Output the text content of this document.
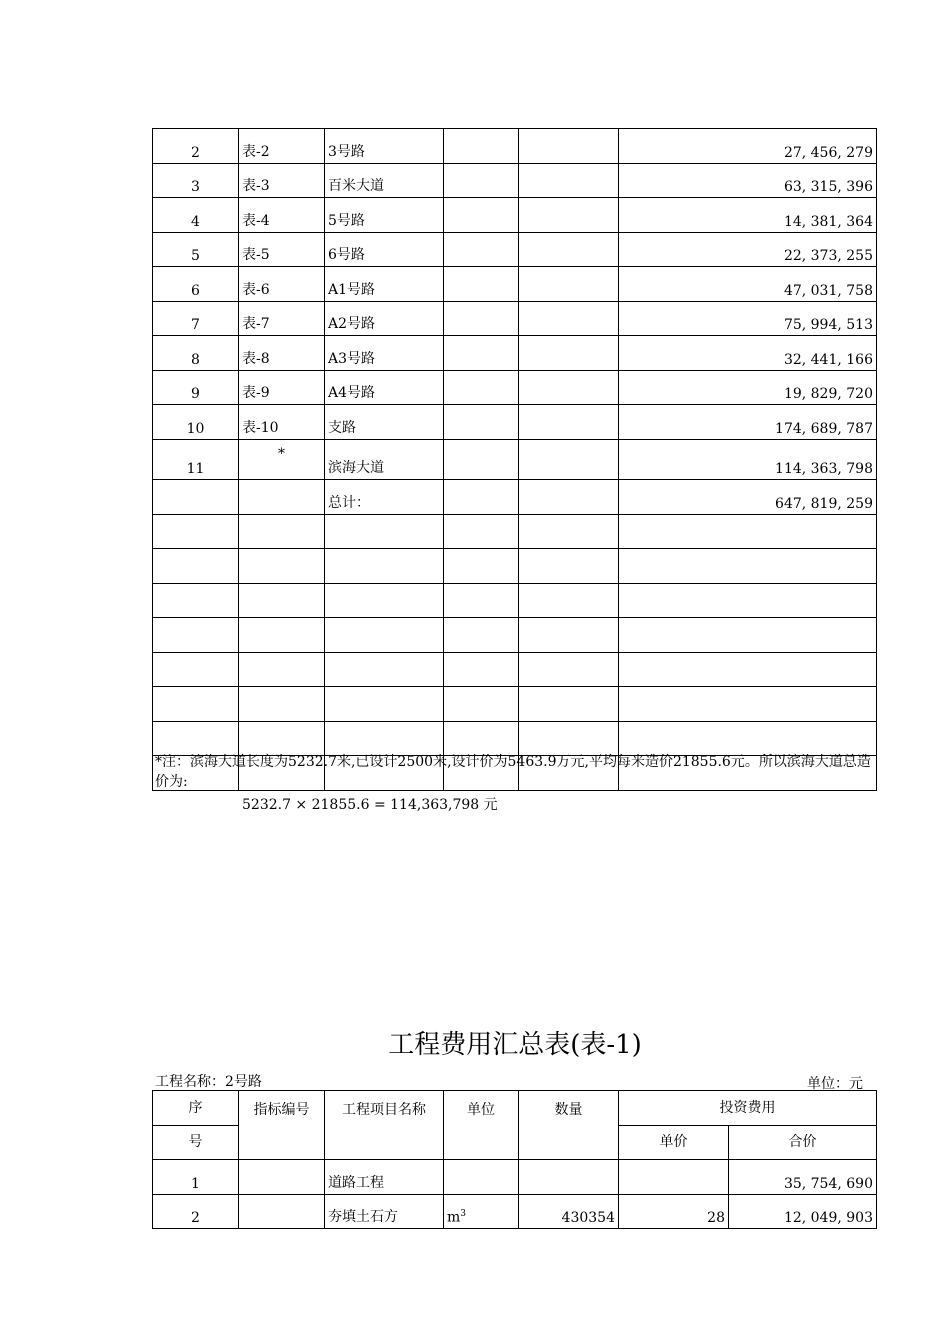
2	表-2	3号路			27, 456, 279
3	表-3	百米大道			63, 315, 396
4	表-4	5号路			14, 381, 364
5	表-5	6号路			22, 373, 255
6	表-6	A1号路			47, 031, 758
7	表-7	A2号路			75, 994, 513
8	表-8	A3号路			32, 441, 166
9	表-9	A4号路			19, 829, 720
10	表-10	支路			174, 689, 787
11	*	滨海大道			114, 363, 798
		总计：			647, 819, 259

*注：滨海大道长度为5232.7米,已设计2500米,设计价为5463.9万元,平均每米造价21855.6元。所以滨海大道总造价为:
5232.7 × 21855.6 = 114,363,798 元
工程费用汇总表(表-1)
工程名称：2号路	单位：元
序	指标编号	工程项目名称	单位	数量	投资费用	
号					单价	合价
1		道路工程				35, 754, 690
2		夯填土石方	$m^3$	430354	28	12, 049, 903
